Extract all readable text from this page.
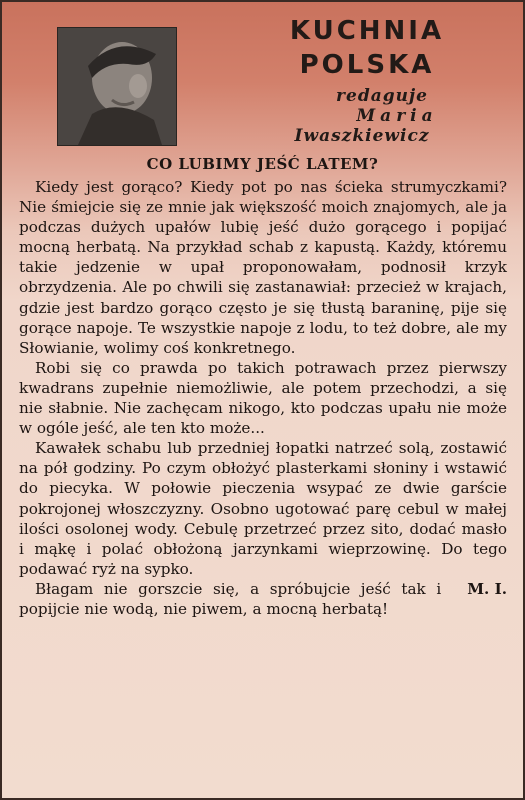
KUCHNIA
POLSKA
redaguje
Maria
Iwaszkiewicz
CO LUBIMY JEŚĆ LATEM?

Kiedy jest gorąco? Kiedy pot po nas ścieka strumyczkami? Nie śmiejcie się ze mnie jak większość moich znajomych, ale ja podczas dużych upałów lubię jeść dużo gorącego i popijać mocną herbatą. Na przykład schab z kapustą. Każdy, któremu takie jedzenie w upał proponowałam, podnosił krzyk obrzydzenia. Ale po chwili się zastanawiał: przecież w krajach, gdzie jest bardzo gorąco często je się tłustą baraninę, pije się gorące napoje. Te wszystkie napoje z lodu, to też dobre, ale my Słowianie, wolimy coś konkretnego.

Robi się co prawda po takich potrawach przez pierwszy kwadrans zupełnie niemożliwie, ale potem przechodzi, a się nie słabnie. Nie zachęcam nikogo, kto podczas upału nie może w ogóle jeść, ale ten kto może...

Kawałek schabu lub przedniej łopatki natrzeć solą, zostawić na pół godziny. Po czym obłożyć plasterkami słoniny i wstawić do piecyka. W połowie pieczenia wsypać ze dwie garście pokrojonej włoszczyzny. Osobno ugotować parę cebul w małej ilości osolonej wody. Cebulę przetrzeć przez sito, dodać masło i mąkę i polać obłożoną jarzynkami wieprzowinę. Do tego podawać ryż na sypko.

M. I.
Błagam nie gorszcie się, a spróbujcie jeść tak i popijcie nie wodą, nie piwem, a mocną herbatą!
